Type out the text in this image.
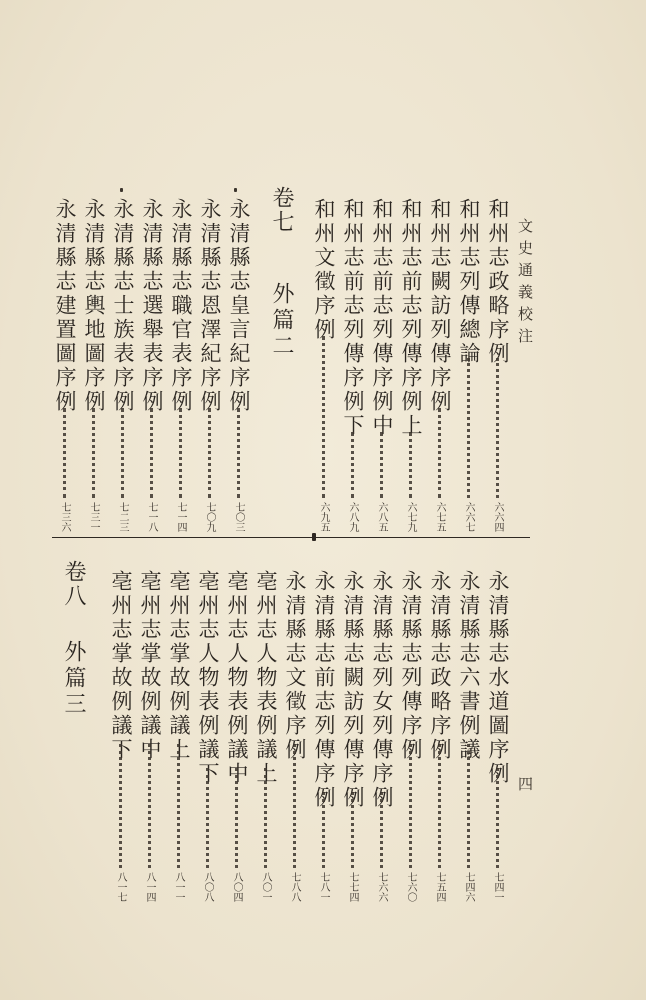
文史通義校注
四
和州志政略序例
六六四
和州志列傳總論
六六七
和州志闕訪列傳序例
六七五
和州志前志列傳序例上
六七九
和州志前志列傳序例中
六八五
和州志前志列傳序例下
六八九
和州文徵序例
六九五
卷七
外篇二
永清縣志皇言紀序例
七〇三
永清縣志恩澤紀序例
七〇九
永清縣志職官表序例
七一四
永清縣志選舉表序例
七一八
永清縣志士族表序例
七二三
永清縣志輿地圖序例
七三一
永清縣志建置圖序例
七三六
永清縣志水道圖序例
七四一
永清縣志六書例議
七四六
永清縣志政略序例
七五四
永清縣志列傳序例
七六〇
永清縣志列女列傳序例
七六六
永清縣志闕訪列傳序例
七七四
永清縣志前志列傳序例
七八一
永清縣志文徵序例
七八八
亳州志人物表例議上
八〇一
亳州志人物表例議中
八〇四
亳州志人物表例議下
八〇八
亳州志掌故例議上
八一一
亳州志掌故例議中
八一四
亳州志掌故例議下
八一七
卷八
外篇三
